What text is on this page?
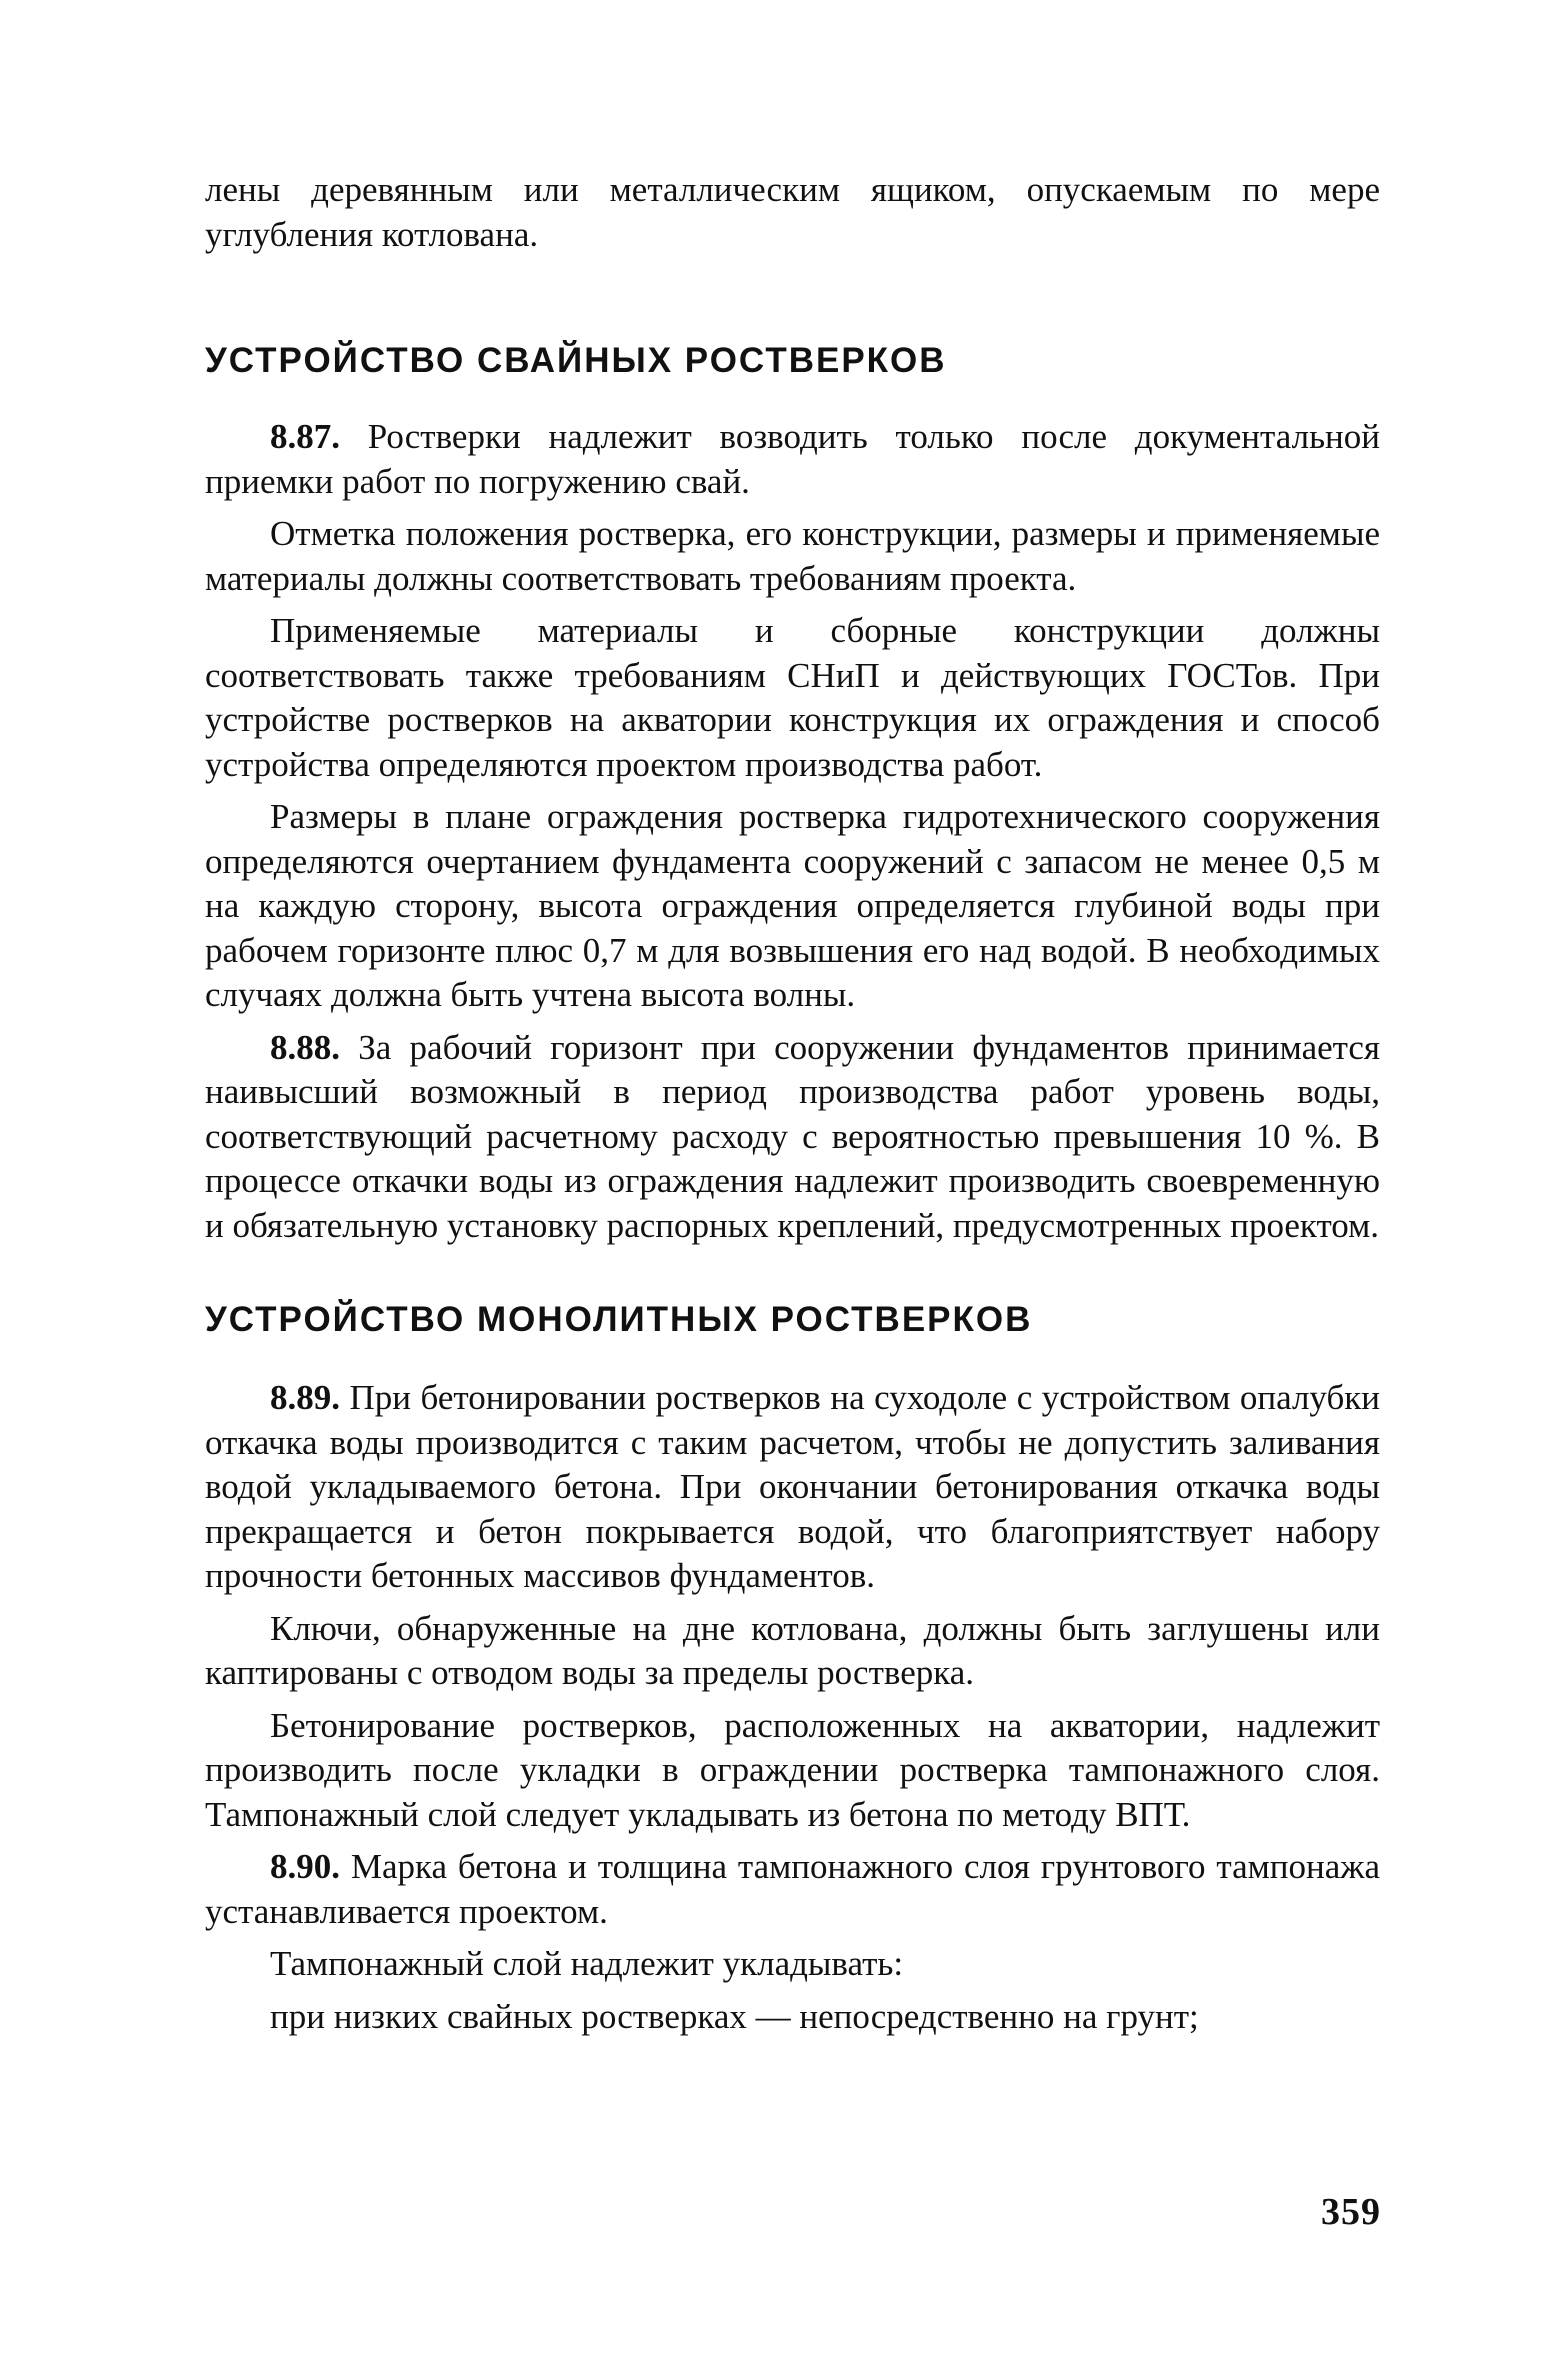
лены деревянным или металлическим ящиком, опускаемым по мере углубления котлована.

УСТРОЙСТВО СВАЙНЫХ РОСТВЕРКОВ

8.87. Ростверки надлежит возводить только после документальной приемки работ по погружению свай.

Отметка положения ростверка, его конструкции, размеры и применяемые материалы должны соответствовать требованиям проекта.

Применяемые материалы и сборные конструкции должны соответствовать также требованиям СНиП и действующих ГОСТов. При устройстве ростверков на акватории конструкция их ограждения и способ устройства определяются проектом производства работ.

Размеры в плане ограждения ростверка гидротехнического сооружения определяются очертанием фундамента сооружений с запасом не менее 0,5 м на каждую сторону, высота ограждения определяется глубиной воды при рабочем горизонте плюс 0,7 м для возвышения его над водой. В необходимых случаях должна быть учтена высота волны.

8.88. За рабочий горизонт при сооружении фундаментов принимается наивысший возможный в период производства работ уровень воды, соответствующий расчетному расходу с вероятностью превышения 10 %. В процессе откачки воды из ограждения надлежит производить своевременную и обязательную установку распорных креплений, предусмотренных проектом.

УСТРОЙСТВО МОНОЛИТНЫХ РОСТВЕРКОВ

8.89. При бетонировании ростверков на суходоле с устройством опалубки откачка воды производится с таким расчетом, чтобы не допустить заливания водой укладываемого бетона. При окончании бетонирования откачка воды прекращается и бетон покрывается водой, что благоприятствует набору прочности бетонных массивов фундаментов.

Ключи, обнаруженные на дне котлована, должны быть заглушены или каптированы с отводом воды за пределы ростверка.

Бетонирование ростверков, расположенных на акватории, надлежит производить после укладки в ограждении ростверка тампонажного слоя. Тампонажный слой следует укладывать из бетона по методу ВПТ.

8.90. Марка бетона и толщина тампонажного слоя грунтового тампонажа устанавливается проектом.

Тампонажный слой надлежит укладывать:

при низких свайных ростверках — непосредственно на грунт;

359
